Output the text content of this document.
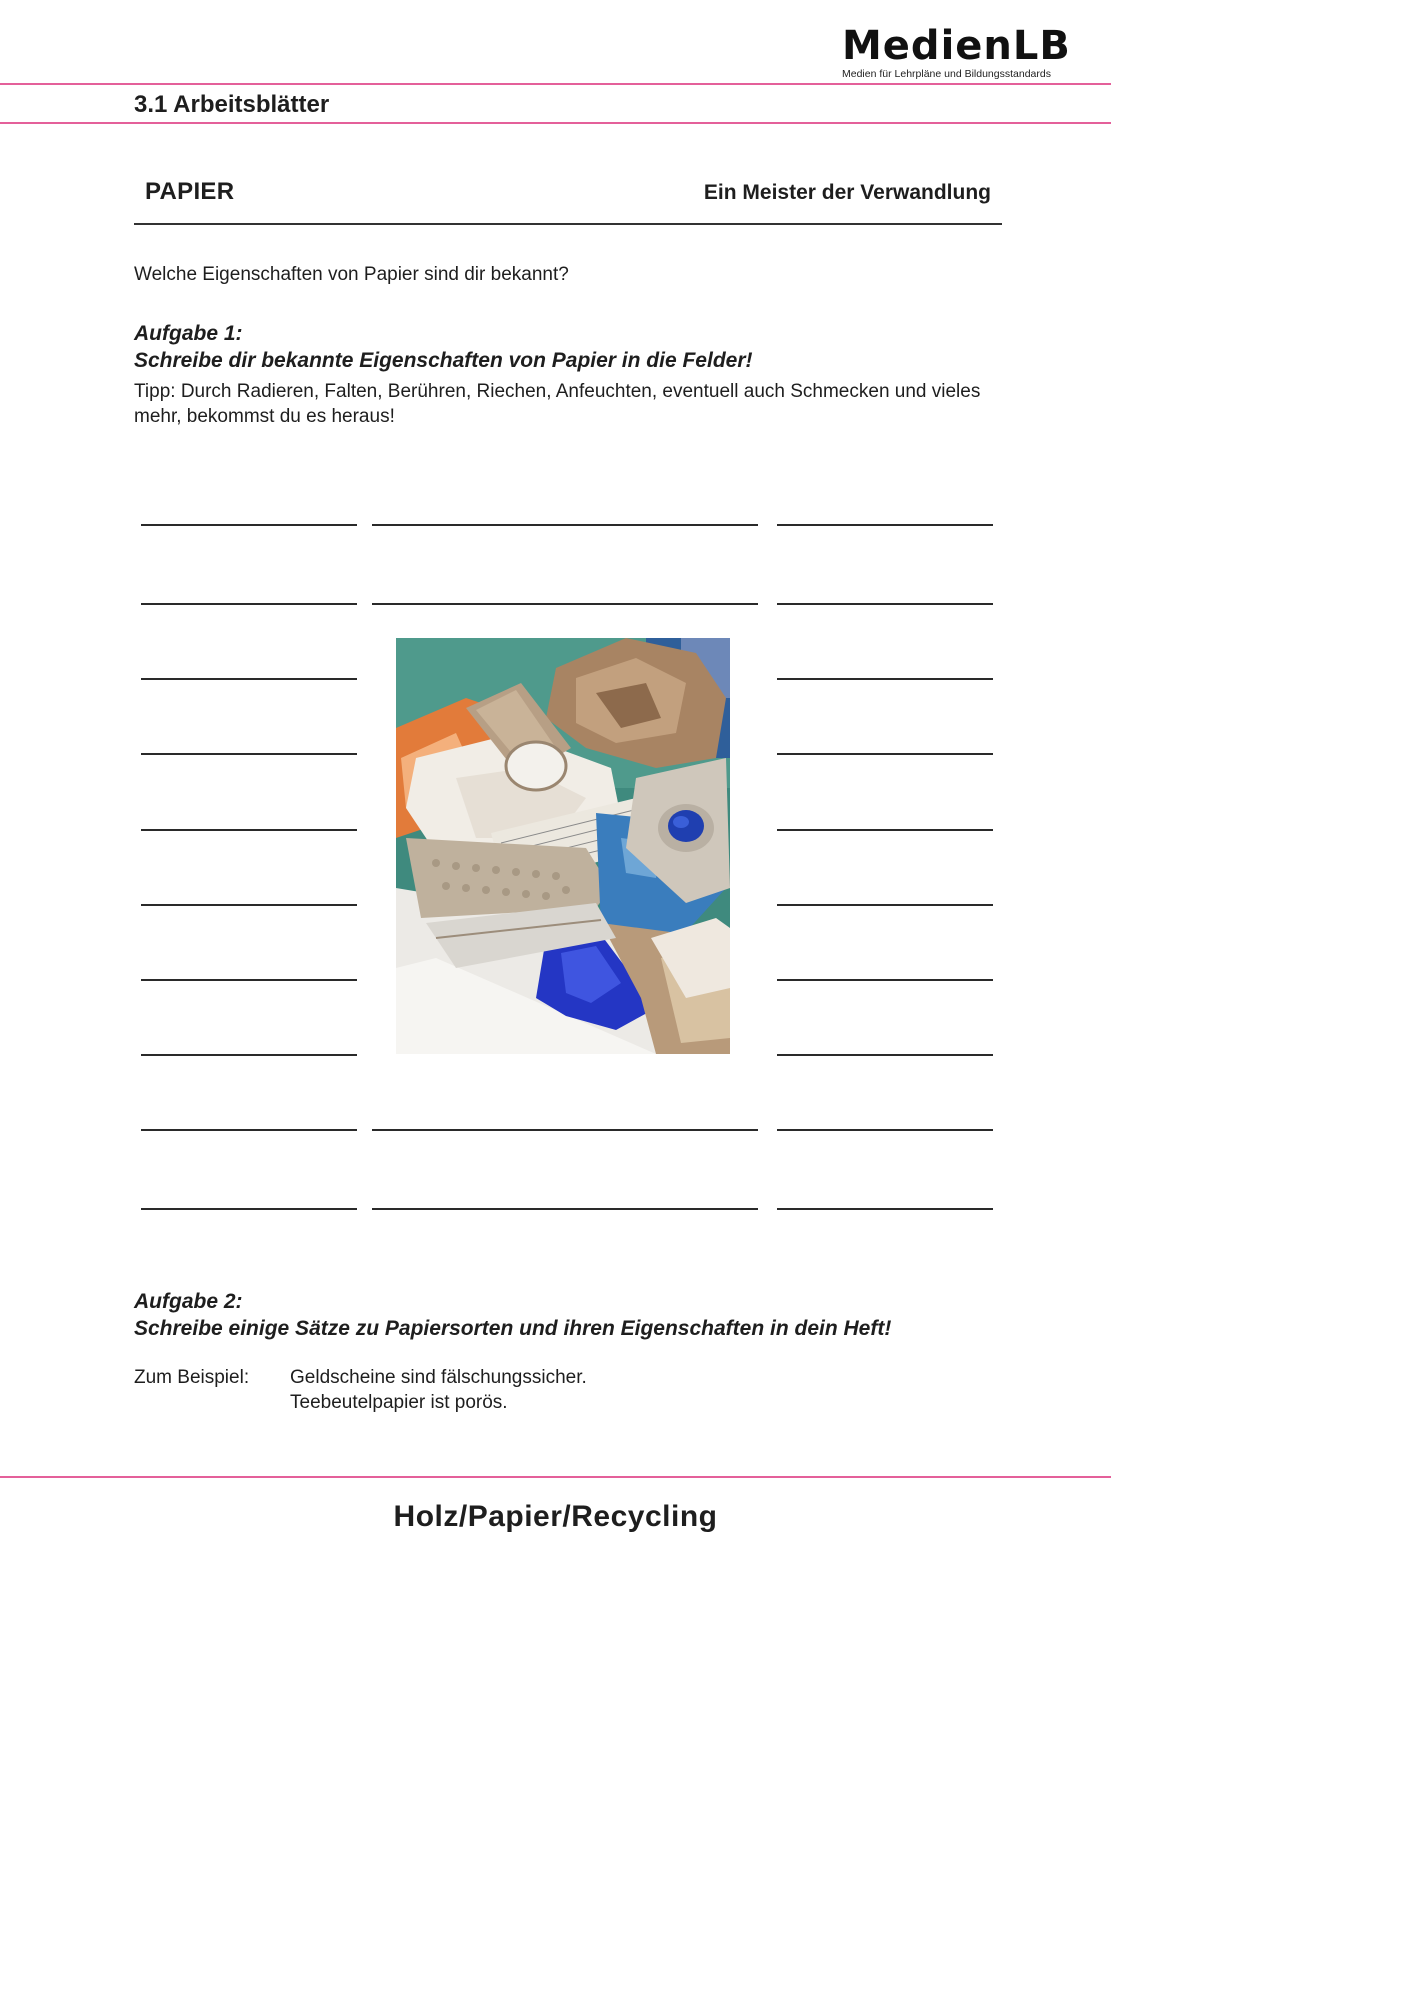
MedienLB
Medien für Lehrpläne und Bildungsstandards
3.1 Arbeitsblätter
PAPIER	Ein Meister der Verwandlung
Welche Eigenschaften von Papier sind dir bekannt?
Aufgabe 1:
Schreibe dir bekannte Eigenschaften von Papier in die Felder!
Tipp: Durch Radieren, Falten, Berühren, Riechen, Anfeuchten, eventuell auch Schmecken und vieles mehr, bekommst du es heraus!
Aufgabe 2:
Schreibe einige Sätze zu Papiersorten und ihren Eigenschaften in dein Heft!
Zum Beispiel: Geldscheine sind fälschungssicher.
Teebeutelpapier ist porös.
Holz/Papier/Recycling
